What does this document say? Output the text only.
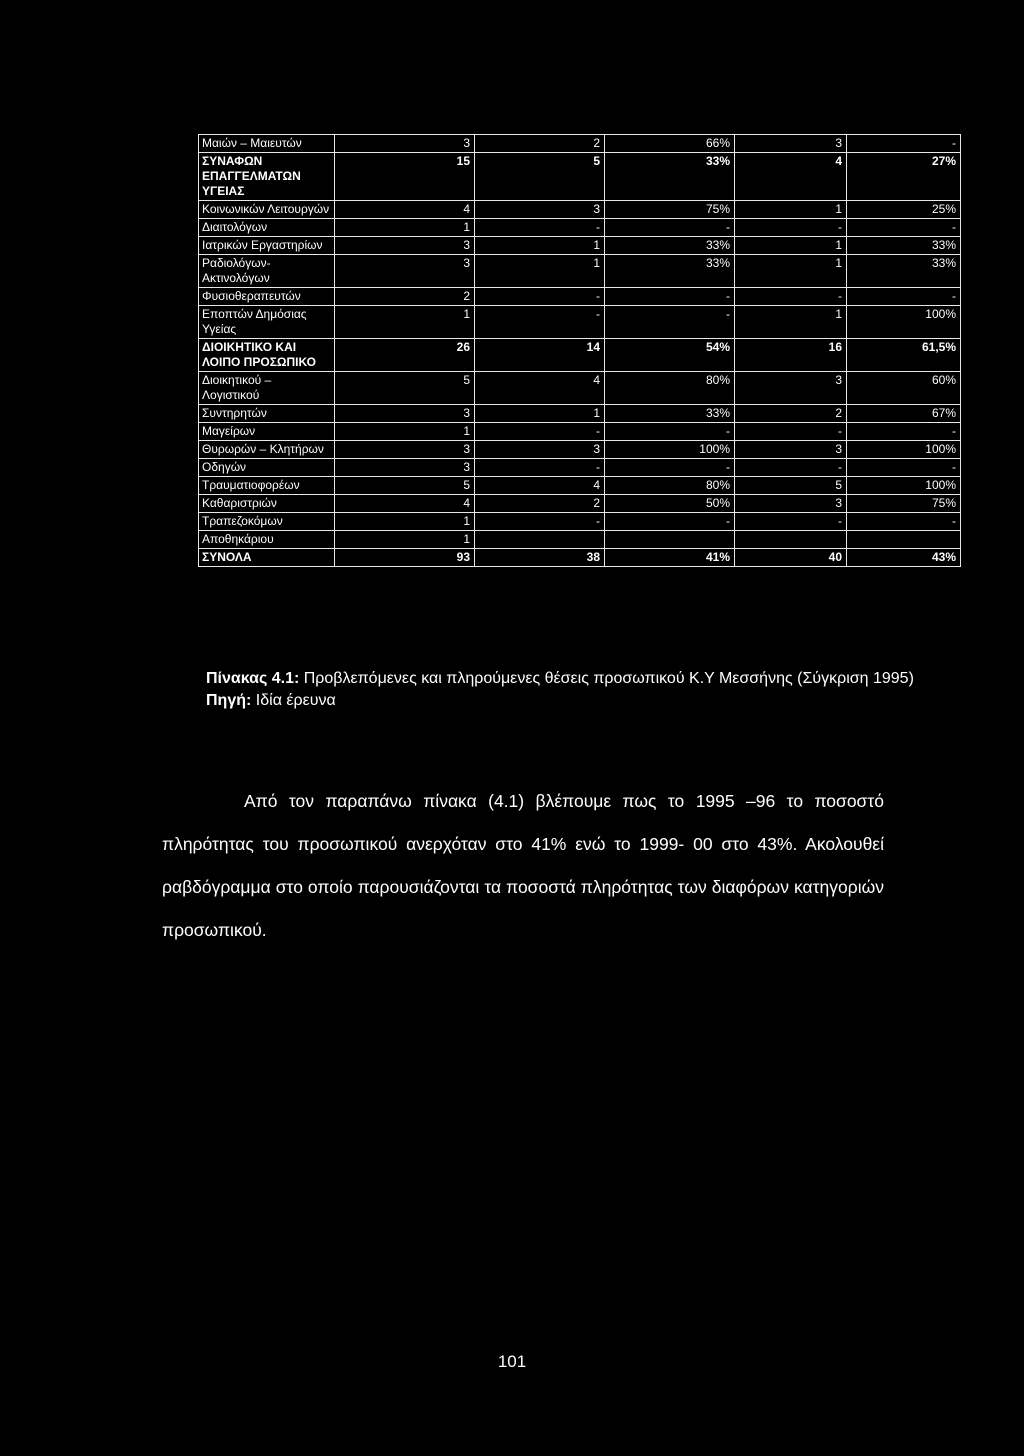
Μαιών – Μαιευτών	3	2	66%	3	-
ΣΥΝΑΦΩΝ ΕΠΑΓΓΕΛΜΑΤΩΝ ΥΓΕΙΑΣ	15	5	33%	4	27%
Κοινωνικών Λειτουργών	4	3	75%	1	25%
Διαιτολόγων	1	-	-	-	-
Ιατρικών Εργαστηρίων	3	1	33%	1	33%
Ραδιολόγων- Ακτινολόγων	3	1	33%	1	33%
Φυσιοθεραπευτών	2	-	-	-	-
Εποπτών Δημόσιας Υγείας	1	-	-	1	100%
ΔΙΟΙΚΗΤΙΚΟ ΚΑΙ ΛΟΙΠΟ ΠΡΟΣΩΠΙΚΟ	26	14	54%	16	61,5%
Διοικητικού – Λογιστικού	5	4	80%	3	60%
Συντηρητών	3	1	33%	2	67%
Μαγείρων	1	-	-	-	-
Θυρωρών – Κλητήρων	3	3	100%	3	100%
Οδηγών	3	-	-	-	-
Τραυματιοφορέων	5	4	80%	5	100%
Καθαριστριών	4	2	50%	3	75%
Τραπεζοκόμων	1	-	-	-	-
Αποθηκάριου	1				
ΣΥΝΟΛΑ	93	38	41%	40	43%
Πίνακας 4.1: Προβλεπόμενες και πληρούμενες θέσεις προσωπικού Κ.Υ Μεσσήνης (Σύγκριση 1995)
Πηγή: Ιδία έρευνα

Από τον παραπάνω πίνακα (4.1) βλέπουμε πως το 1995 –96 το ποσοστό πληρότητας του προσωπικού ανερχόταν στο 41% ενώ το 1999- 00 στο 43%. Ακολουθεί ραβδόγραμμα στο οποίο παρουσιάζονται τα ποσοστά πληρότητας των διαφόρων κατηγοριών προσωπικού.

101
